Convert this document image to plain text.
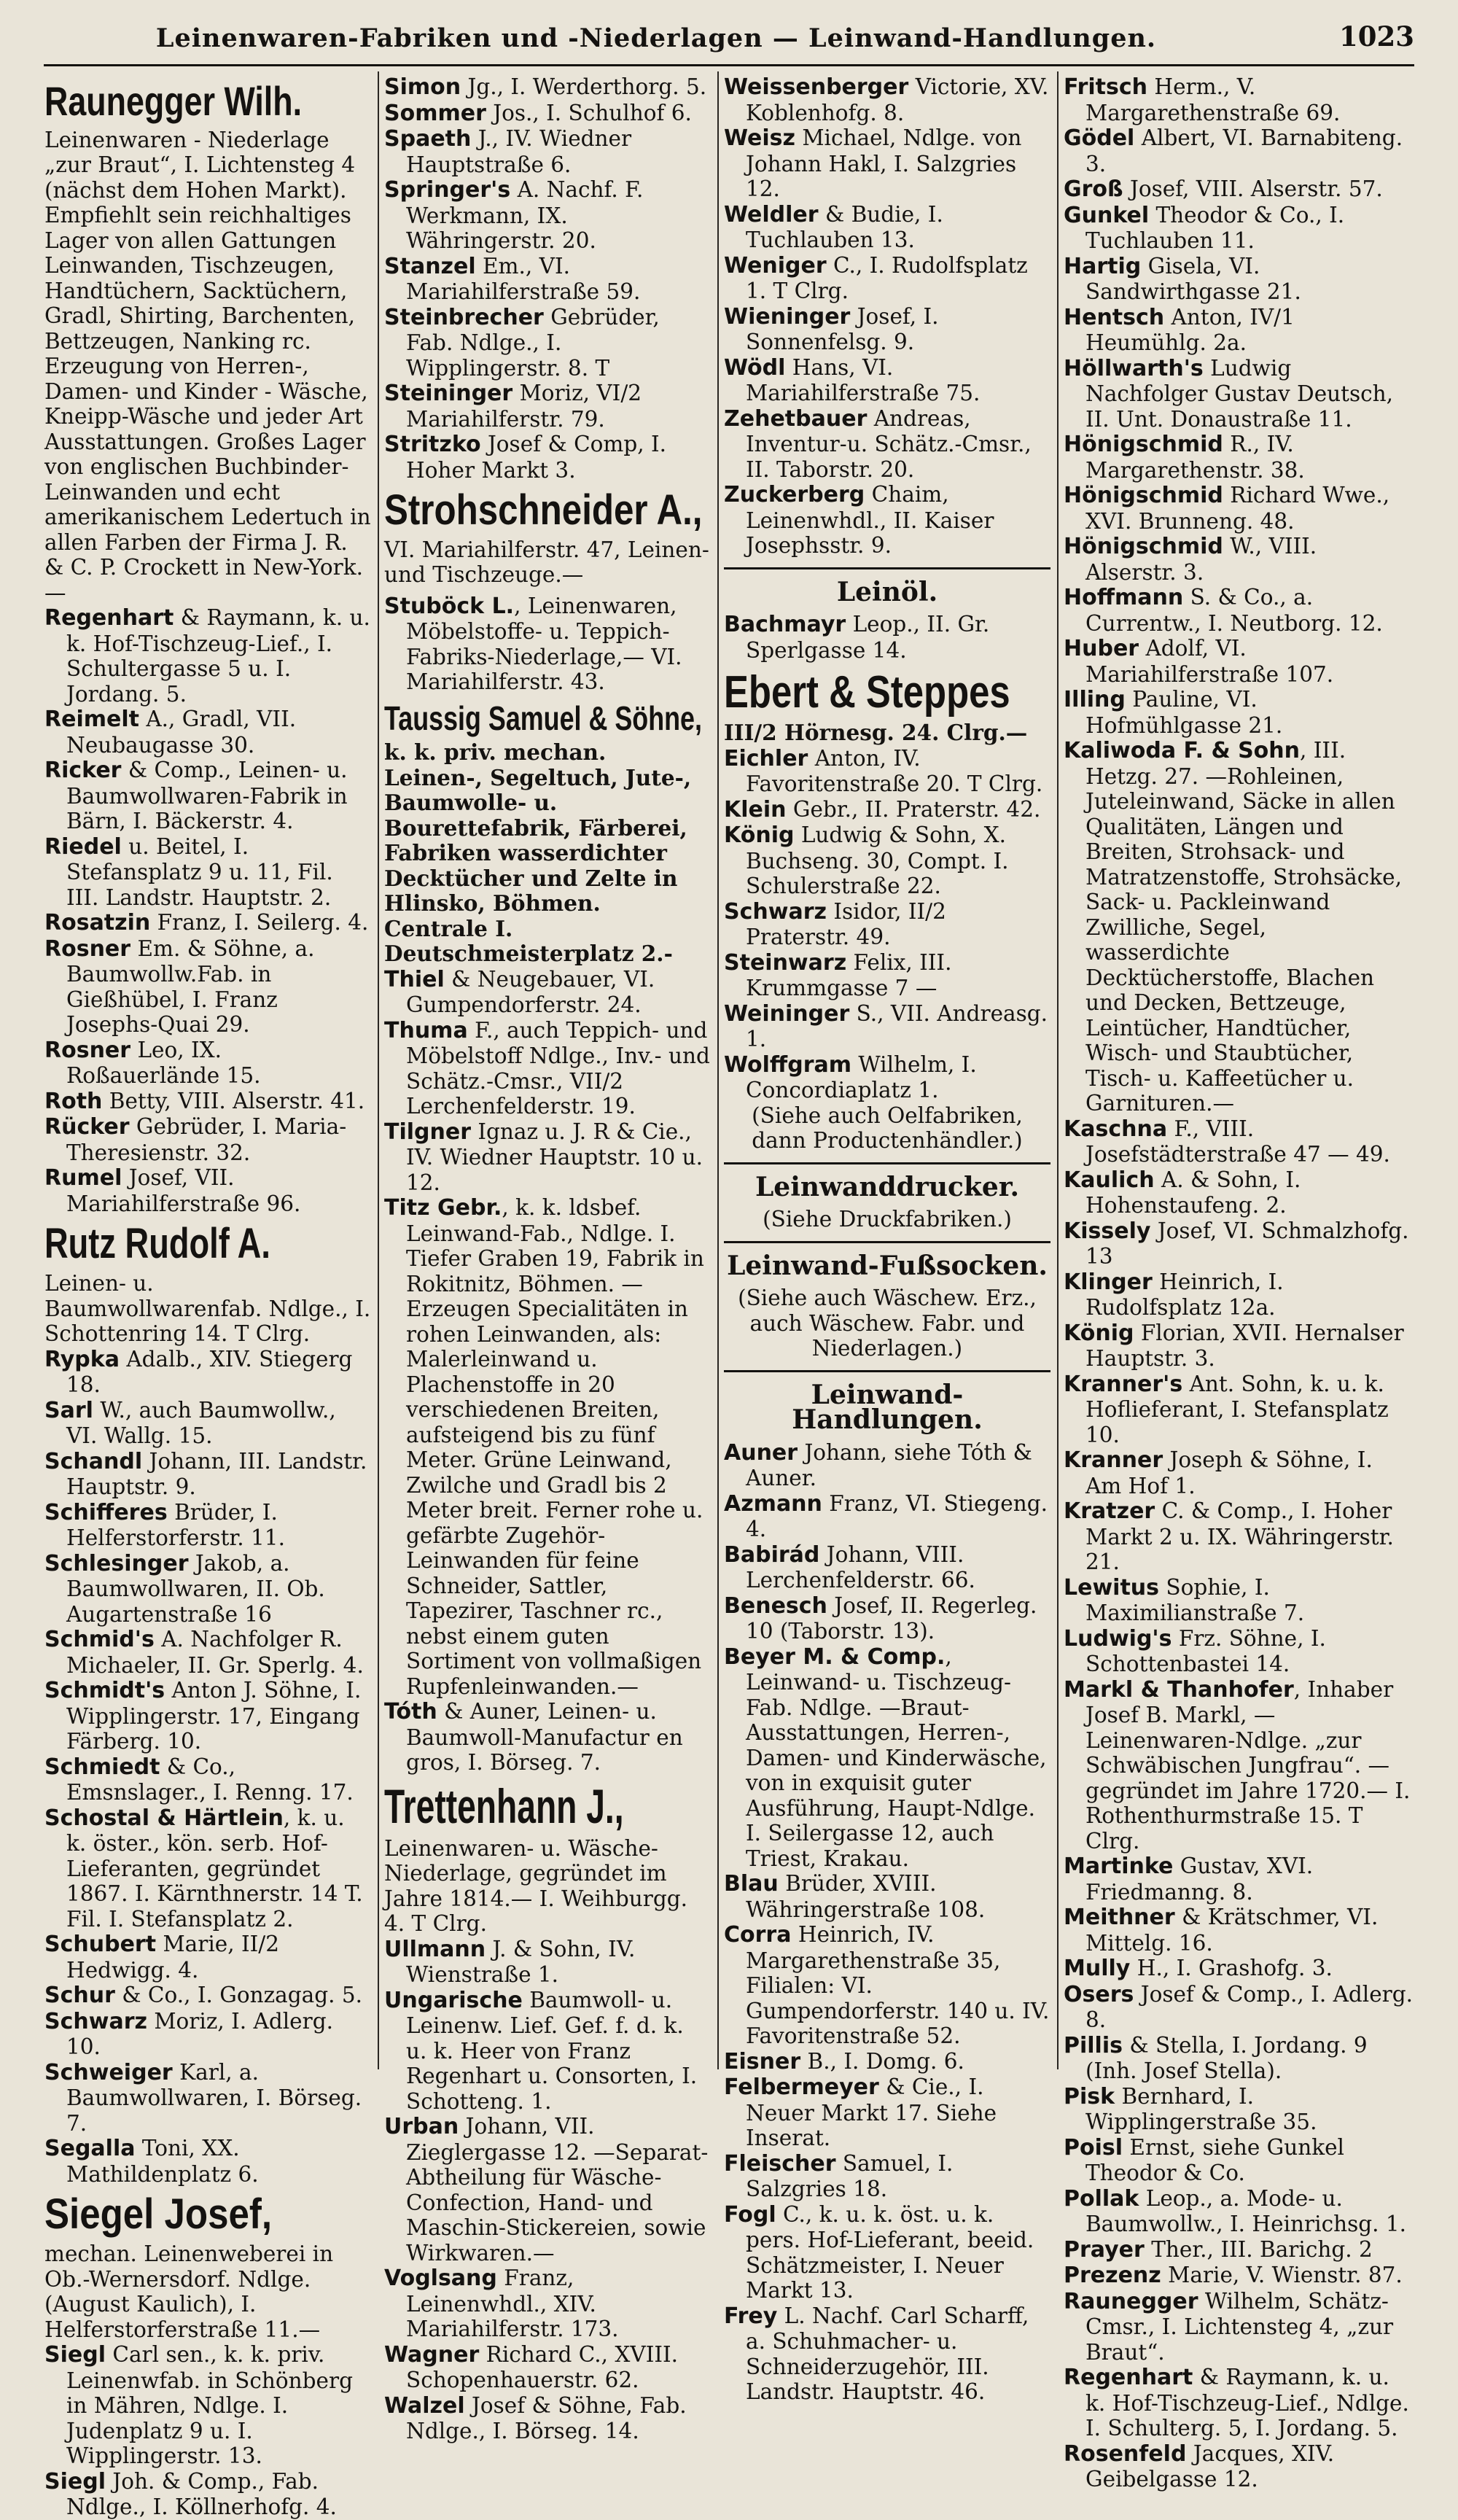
Leinenwaren-Fabriken und -Niederlagen — Leinwand-Handlungen.	1023
Raunegger Wilh.

Leinenwaren - Niederlage „zur Braut“, I. Lichtensteg 4 (nächst dem Hohen Markt). Empfiehlt sein reichhaltiges Lager von allen Gattungen Leinwanden, Tischzeugen, Handtüchern, Sacktüchern, Gradl, Shirting, Barchenten, Bettzeugen, Nanking rc. Erzeugung von Herren-, Damen- und Kinder - Wäsche, Kneipp-Wäsche und jeder Art Ausstattungen. Großes Lager von englischen Buchbinder-Leinwanden und echt amerikanischem Ledertuch in allen Farben der Firma J. R. & C. P. Crockett in New-York.—

Regenhart & Raymann, k. u. k. Hof-Tischzeug-Lief., I. Schultergasse 5 u. I. Jordang. 5.

Reimelt A., Gradl, VII. Neubaugasse 30.

Ricker & Comp., Leinen- u. Baumwollwaren-Fabrik in Bärn, I. Bäckerstr. 4.

Riedel u. Beitel, I. Stefansplatz 9 u. 11, Fil. III. Landstr. Hauptstr. 2.

Rosatzin Franz, I. Seilerg. 4.

Rosner Em. & Söhne, a. Baumwollw.Fab. in Gießhübel, I. Franz Josephs-Quai 29.

Rosner Leo, IX. Roßauerlände 15.

Roth Betty, VIII. Alserstr. 41.

Rücker Gebrüder, I. Maria-Theresienstr. 32.

Rumel Josef, VII. Mariahilferstraße 96.

Rutz Rudolf A.

Leinen- u. Baumwollwarenfab. Ndlge., I. Schottenring 14. T Clrg.

Rypka Adalb., XIV. Stiegerg 18.

Sarl W., auch Baumwollw., VI. Wallg. 15.

Schandl Johann, III. Landstr. Hauptstr. 9.

Schifferes Brüder, I. Helferstorferstr. 11.

Schlesinger Jakob, a. Baumwollwaren, II. Ob. Augartenstraße 16

Schmid's A. Nachfolger R. Michaeler, II. Gr. Sperlg. 4.

Schmidt's Anton J. Söhne, I. Wipplingerstr. 17, Eingang Färberg. 10.

Schmiedt & Co., Emsnslager., I. Renng. 17.

Schostal & Härtlein, k. u. k. öster., kön. serb. Hof-Lieferanten, gegründet 1867. I. Kärnthnerstr. 14 T. Fil. I. Stefansplatz 2.

Schubert Marie, II/2 Hedwigg. 4.

Schur & Co., I. Gonzagag. 5.

Schwarz Moriz, I. Adlerg. 10.

Schweiger Karl, a. Baumwollwaren, I. Börseg. 7.

Segalla Toni, XX. Mathildenplatz 6.

Siegel Josef,

mechan. Leinenweberei in Ob.-Wernersdorf. Ndlge. (August Kaulich), I. Helferstorferstraße 11.—

Siegl Carl sen., k. k. priv. Leinenwfab. in Schönberg in Mähren, Ndlge. I. Judenplatz 9 u. I. Wipplingerstr. 13.

Siegl Joh. & Comp., Fab. Ndlge., I. Köllnerhofg. 4.

Simon Jg., I. Werderthorg. 5.

Sommer Jos., I. Schulhof 6.

Spaeth J., IV. Wiedner Hauptstraße 6.

Springer's A. Nachf. F. Werkmann, IX. Währingerstr. 20.

Stanzel Em., VI. Mariahilferstraße 59.

Steinbrecher Gebrüder, Fab. Ndlge., I. Wipplingerstr. 8. T

Steininger Moriz, VI/2 Mariahilferstr. 79.

Stritzko Josef & Comp, I. Hoher Markt 3.

Strohschneider A.,

VI. Mariahilferstr. 47, Leinen- und Tischzeuge.—

Stuböck L., Leinenwaren, Möbelstoffe- u. Teppich-Fabriks-Niederlage,— VI. Mariahilferstr. 43.

Taussig Samuel & Söhne,

k. k. priv. mechan. Leinen-, Segeltuch, Jute-, Baumwolle- u. Bourettefabrik, Färberei, Fabriken wasserdichter Decktücher und Zelte in Hlinsko, Böhmen. Centrale I. Deutschmeisterplatz 2.-

Thiel & Neugebauer, VI. Gumpendorferstr. 24.

Thuma F., auch Teppich- und Möbelstoff Ndlge., Inv.- und Schätz.-Cmsr., VII/2 Lerchenfelderstr. 19.

Tilgner Ignaz u. J. R & Cie., IV. Wiedner Hauptstr. 10 u. 12.

Titz Gebr., k. k. ldsbef. Leinwand-Fab., Ndlge. I. Tiefer Graben 19, Fabrik in Rokitnitz, Böhmen. —Erzeugen Specialitäten in rohen Leinwanden, als: Malerleinwand u. Plachenstoffe in 20 verschiedenen Breiten, aufsteigend bis zu fünf Meter. Grüne Leinwand, Zwilche und Gradl bis 2 Meter breit. Ferner rohe u. gefärbte Zugehör-Leinwanden für feine Schneider, Sattler, Tapezirer, Taschner rc., nebst einem guten Sortiment von vollmaßigen Rupfenleinwanden.—

Tóth & Auner, Leinen- u. Baumwoll-Manufactur en gros, I. Börseg. 7.

Trettenhann J.,

Leinenwaren- u. Wäsche-Niederlage, gegründet im Jahre 1814.— I. Weihburgg. 4. T Clrg.

Ullmann J. & Sohn, IV. Wienstraße 1.

Ungarische Baumwoll- u. Leinenw. Lief. Gef. f. d. k. u. k. Heer von Franz Regenhart u. Consorten, I. Schotteng. 1.

Urban Johann, VII. Zieglergasse 12. —Separat-Abtheilung für Wäsche-Confection, Hand- und Maschin-Stickereien, sowie Wirkwaren.—

Voglsang Franz, Leinenwhdl., XIV. Mariahilferstr. 173.

Wagner Richard C., XVIII. Schopenhauerstr. 62.

Walzel Josef & Söhne, Fab. Ndlge., I. Börseg. 14.

Weissenberger Victorie, XV. Koblenhofg. 8.

Weisz Michael, Ndlge. von Johann Hakl, I. Salzgries 12.

Weldler & Budie, I. Tuchlauben 13.

Weniger C., I. Rudolfsplatz 1. T Clrg.

Wieninger Josef, I. Sonnenfelsg. 9.

Wödl Hans, VI. Mariahilferstraße 75.

Zehetbauer Andreas, Inventur-u. Schätz.-Cmsr., II. Taborstr. 20.

Zuckerberg Chaim, Leinenwhdl., II. Kaiser Josephsstr. 9.

Leinöl.

Bachmayr Leop., II. Gr. Sperlgasse 14.

Ebert & Steppes

III/2 Hörnesg. 24. Clrg.—

Eichler Anton, IV. Favoritenstraße 20. T Clrg.

Klein Gebr., II. Praterstr. 42.

König Ludwig & Sohn, X. Buchseng. 30, Compt. I. Schulerstraße 22.

Schwarz Isidor, II/2 Praterstr. 49.

Steinwarz Felix, III. Krummgasse 7 —

Weininger S., VII. Andreasg. 1.

Wolffgram Wilhelm, I. Concordiaplatz 1.

(Siehe auch Oelfabriken, dann Productenhändler.)

Leinwanddrucker.

(Siehe Druckfabriken.)

Leinwand-Fußsocken.

(Siehe auch Wäschew. Erz., auch Wäschew. Fabr. und Niederlagen.)

Leinwand-Handlungen.

Auner Johann, siehe Tóth & Auner.

Azmann Franz, VI. Stiegeng. 4.

Babirád Johann, VIII. Lerchenfelderstr. 66.

Benesch Josef, II. Regerleg. 10 (Taborstr. 13).

Beyer M. & Comp., Leinwand- u. Tischzeug-Fab. Ndlge. —Braut-Ausstattungen, Herren-, Damen- und Kinderwäsche, von in exquisit guter Ausführung, Haupt-Ndlge. I. Seilergasse 12, auch Triest, Krakau.

Blau Brüder, XVIII. Währingerstraße 108.

Corra Heinrich, IV. Margarethenstraße 35, Filialen: VI. Gumpendorferstr. 140 u. IV. Favoritenstraße 52.

Eisner B., I. Domg. 6.

Felbermeyer & Cie., I. Neuer Markt 17. Siehe Inserat.

Fleischer Samuel, I. Salzgries 18.

Fogl C., k. u. k. öst. u. k. pers. Hof-Lieferant, beeid. Schätzmeister, I. Neuer Markt 13.

Frey L. Nachf. Carl Scharff, a. Schuhmacher- u. Schneiderzugehör, III. Landstr. Hauptstr. 46.

Fritsch Herm., V. Margarethenstraße 69.

Gödel Albert, VI. Barnabiteng. 3.

Groß Josef, VIII. Alserstr. 57.

Gunkel Theodor & Co., I. Tuchlauben 11.

Hartig Gisela, VI. Sandwirthgasse 21.

Hentsch Anton, IV/1 Heumühlg. 2a.

Höllwarth's Ludwig Nachfolger Gustav Deutsch, II. Unt. Donaustraße 11.

Hönigschmid R., IV. Margarethenstr. 38.

Hönigschmid Richard Wwe., XVI. Brunneng. 48.

Hönigschmid W., VIII. Alserstr. 3.

Hoffmann S. & Co., a. Currentw., I. Neutborg. 12.

Huber Adolf, VI. Mariahilferstraße 107.

Illing Pauline, VI. Hofmühlgasse 21.

Kaliwoda F. & Sohn, III. Hetzg. 27. —Rohleinen, Juteleinwand, Säcke in allen Qualitäten, Längen und Breiten, Strohsack- und Matratzenstoffe, Strohsäcke, Sack- u. Packleinwand Zwilliche, Segel, wasserdichte Decktücherstoffe, Blachen und Decken, Bettzeuge, Leintücher, Handtücher, Wisch- und Staubtücher, Tisch- u. Kaffeetücher u. Garnituren.—

Kaschna F., VIII. Josefstädterstraße 47 — 49.

Kaulich A. & Sohn, I. Hohenstaufeng. 2.

Kissely Josef, VI. Schmalzhofg. 13

Klinger Heinrich, I. Rudolfsplatz 12a.

König Florian, XVII. Hernalser Hauptstr. 3.

Kranner's Ant. Sohn, k. u. k. Hoflieferant, I. Stefansplatz 10.

Kranner Joseph & Söhne, I. Am Hof 1.

Kratzer C. & Comp., I. Hoher Markt 2 u. IX. Währingerstr. 21.

Lewitus Sophie, I. Maximilianstraße 7.

Ludwig's Frz. Söhne, I. Schottenbastei 14.

Markl & Thanhofer, Inhaber Josef B. Markl, —Leinenwaren-Ndlge. „zur Schwäbischen Jungfrau“. —gegründet im Jahre 1720.— I. Rothenthurmstraße 15. T Clrg.

Martinke Gustav, XVI. Friedmanng. 8.

Meithner & Krätschmer, VI. Mittelg. 16.

Mully H., I. Grashofg. 3.

Osers Josef & Comp., I. Adlerg. 8.

Pillis & Stella, I. Jordang. 9 (Inh. Josef Stella).

Pisk Bernhard, I. Wipplingerstraße 35.

Poisl Ernst, siehe Gunkel Theodor & Co.

Pollak Leop., a. Mode- u. Baumwollw., I. Heinrichsg. 1.

Prayer Ther., III. Barichg. 2

Prezenz Marie, V. Wienstr. 87.

Raunegger Wilhelm, Schätz-Cmsr., I. Lichtensteg 4, „zur Braut“.

Regenhart & Raymann, k. u. k. Hof-Tischzeug-Lief., Ndlge. I. Schulterg. 5, I. Jordang. 5.

Rosenfeld Jacques, XIV. Geibelgasse 12.
